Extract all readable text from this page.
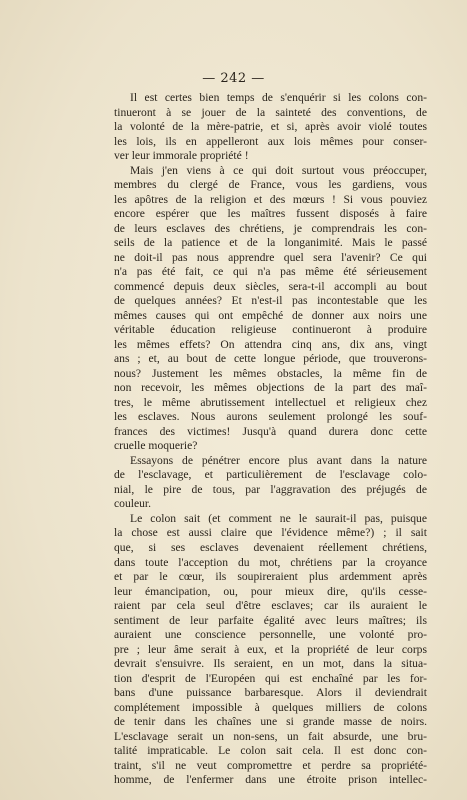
— 242 —
Il est certes bien temps de s'enquérir si les colons con-
tinueront à se jouer de la sainteté des conventions, de
la volonté de la mère-patrie, et si, après avoir violé toutes
les lois, ils en appelleront aux lois mêmes pour conser-
ver leur immorale propriété !
Mais j'en viens à ce qui doit surtout vous préoccuper,
membres du clergé de France, vous les gardiens, vous
les apôtres de la religion et des mœurs ! Si vous pouviez
encore espérer que les maîtres fussent disposés à faire
de leurs esclaves des chrétiens, je comprendrais les con-
seils de la patience et de la longanimité. Mais le passé
ne doit-il pas nous apprendre quel sera l'avenir? Ce qui
n'a pas été fait, ce qui n'a pas même été sérieusement
commencé depuis deux siècles, sera-t-il accompli au bout
de quelques années? Et n'est-il pas incontestable que les
mêmes causes qui ont empêché de donner aux noirs une
véritable éducation religieuse continueront à produire
les mêmes effets? On attendra cinq ans, dix ans, vingt
ans ; et, au bout de cette longue période, que trouverons-
nous? Justement les mêmes obstacles, la même fin de
non recevoir, les mêmes objections de la part des maî-
tres, le même abrutissement intellectuel et religieux chez
les esclaves. Nous aurons seulement prolongé les souf-
frances des victimes! Jusqu'à quand durera donc cette
cruelle moquerie?
Essayons de pénétrer encore plus avant dans la nature
de l'esclavage, et particulièrement de l'esclavage colo-
nial, le pire de tous, par l'aggravation des préjugés de
couleur.
Le colon sait (et comment ne le saurait-il pas, puisque
la chose est aussi claire que l'évidence même?) ; il sait
que, si ses esclaves devenaient réellement chrétiens,
dans toute l'acception du mot, chrétiens par la croyance
et par le cœur, ils soupireraient plus ardemment après
leur émancipation, ou, pour mieux dire, qu'ils cesse-
raient par cela seul d'être esclaves; car ils auraient le
sentiment de leur parfaite égalité avec leurs maîtres; ils
auraient une conscience personnelle, une volonté pro-
pre ; leur âme serait à eux, et la propriété de leur corps
devrait s'ensuivre. Ils seraient, en un mot, dans la situa-
tion d'esprit de l'Européen qui est enchaîné par les for-
bans d'une puissance barbaresque. Alors il deviendrait
complétement impossible à quelques milliers de colons
de tenir dans les chaînes une si grande masse de noirs.
L'esclavage serait un non-sens, un fait absurde, une bru-
talité impraticable. Le colon sait cela. Il est donc con-
traint, s'il ne veut compromettre et perdre sa propriété-
homme, de l'enfermer dans une étroite prison intellec-
